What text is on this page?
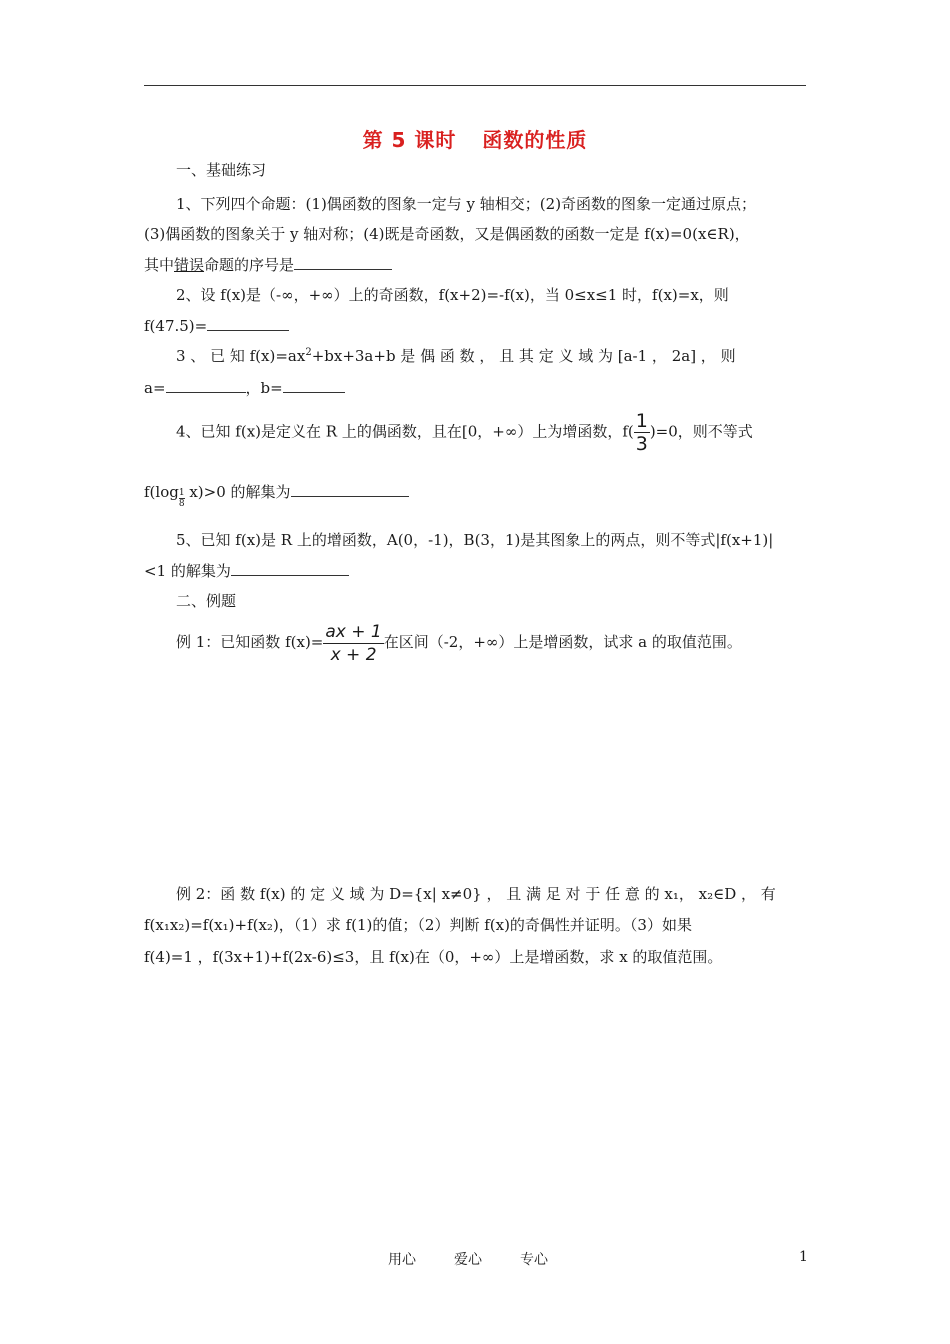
第 5 课时 函数的性质
一、基础练习
1、下列四个命题：(1)偶函数的图象一定与 y 轴相交；(2)奇函数的图象一定通过原点；
(3)偶函数的图象关于 y 轴对称；(4)既是奇函数，又是偶函数的函数一定是 f(x)=0(x∈R)，
其中错误命题的序号是
2、设 f(x)是（-∞，+∞）上的奇函数，f(x+2)=-f(x)，当 0≤x≤1 时，f(x)=x，则
f(47.5)=
3 、 已 知 $f(x)=ax^2+bx+3a+b$ 是 偶 函 数 ， 且 其 定 义 域 为 [a-1 ， 2a] ， 则
a=	，b=
4、已知 f(x)是定义在 R 上的偶函数，且在[0，+∞）上为增函数，$f( \frac{1}{3} )=0$，则不等式
$f(\log \frac{1}{8} x)>0$ 的解集为
5、已知 f(x)是 R 上的增函数，A(0，-1)，B(3，1)是其图象上的两点，则不等式|f(x+1)|
<1 的解集为
二、例题
例 1：已知函数 $f(x)= \frac{ax + 1}{x + 2}$ 在区间（-2，+∞）上是增函数，试求 a 的取值范围。
例 2：函 数 f(x) 的 定 义 域 为 D={x| x≠0} ， 且 满 足 对 于 任 意 的 x₁， x₂∈D ， 有
f(x₁x₂)=f(x₁)+f(x₂)，（1）求 f(1)的值；（2）判断 f(x)的奇偶性并证明。（3）如果
f(4)=1 ，f(3x+1)+f(2x-6)≤3，且 f(x)在（0，+∞）上是增函数，求 x 的取值范围。
用心	爱心	专心	1
